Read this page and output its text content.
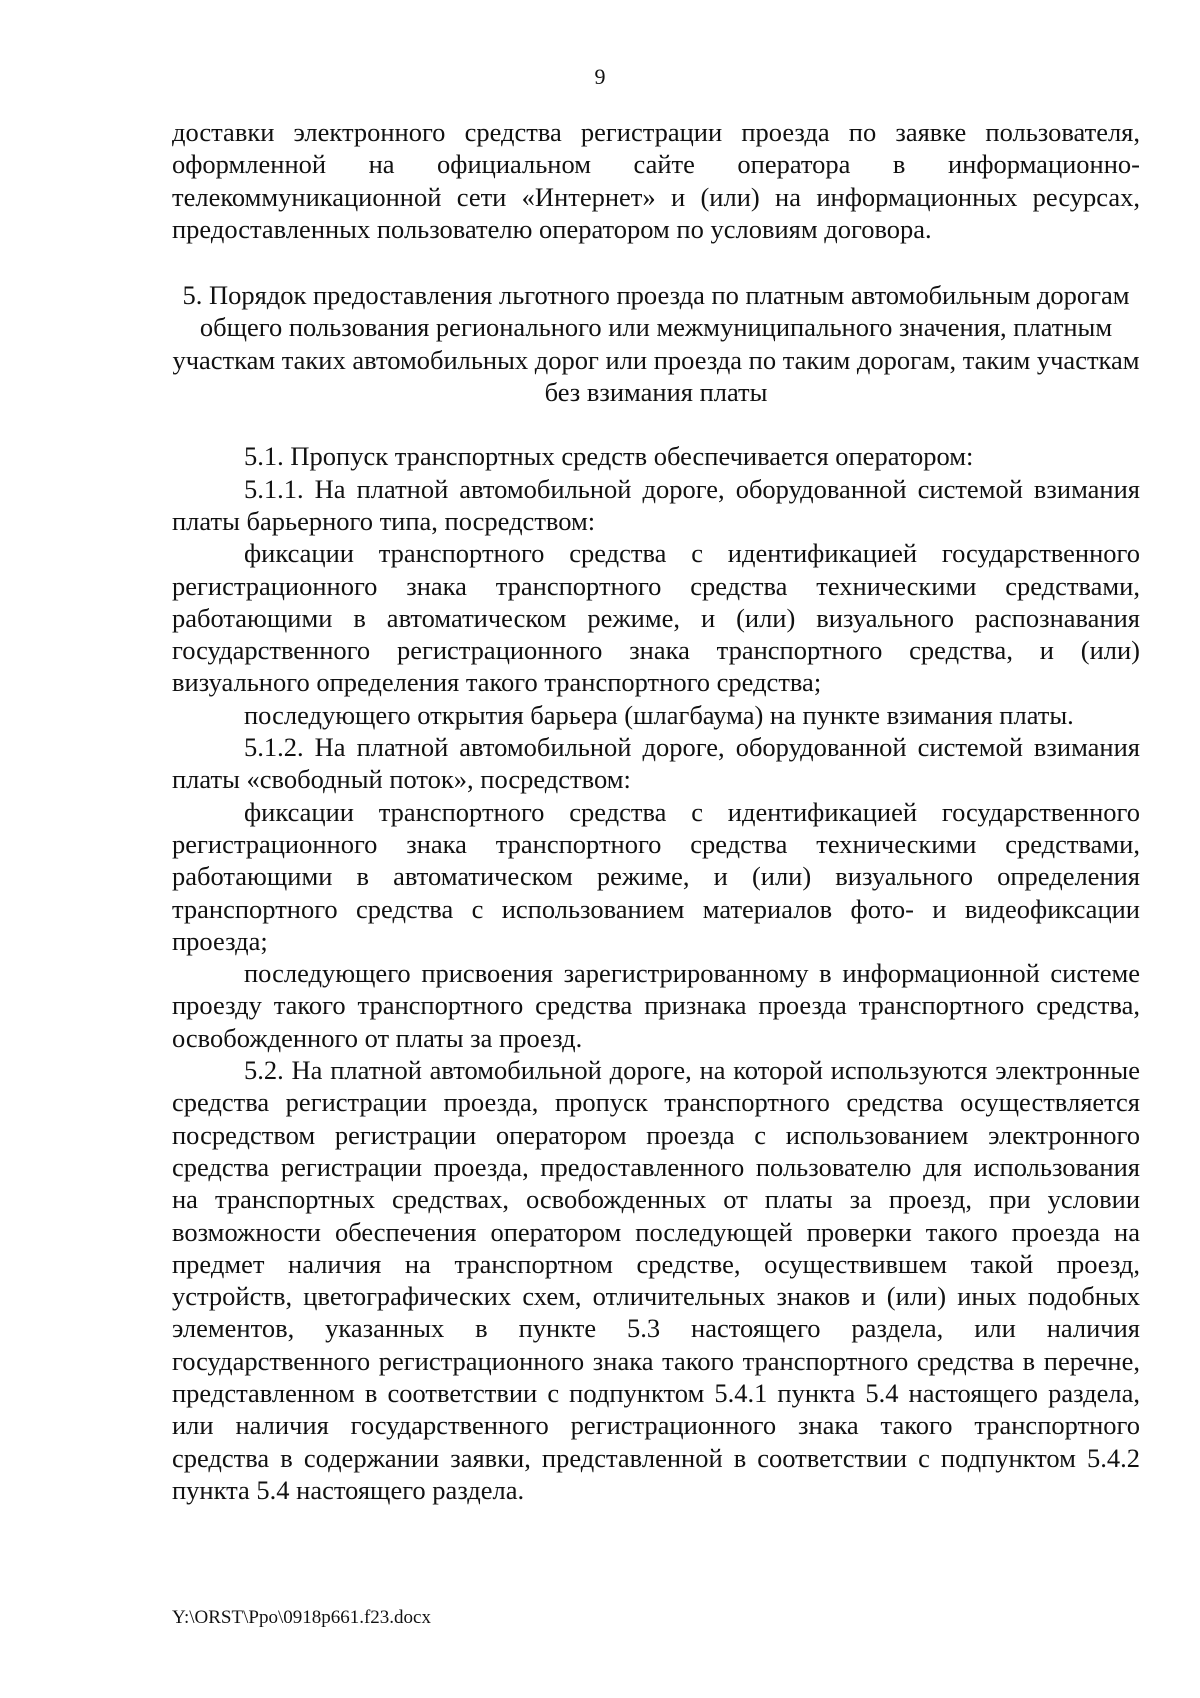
9

доставки электронного средства регистрации проезда по заявке пользователя, оформленной на официальном сайте оператора в информационно-телекоммуникационной сети «Интернет» и (или) на информационных ресурсах, предоставленных пользователю оператором по условиям договора.

5. Порядок предоставления льготного проезда по платным автомобильным дорогам общего пользования регионального или межмуниципального значения, платным участкам таких автомобильных дорог или проезда по таким дорогам, таким участкам без взимания платы

5.1. Пропуск транспортных средств обеспечивается оператором:

5.1.1. На платной автомобильной дороге, оборудованной системой взимания платы барьерного типа, посредством:

фиксации транспортного средства с идентификацией государственного регистрационного знака транспортного средства техническими средствами, работающими в автоматическом режиме, и (или) визуального распознавания государственного регистрационного знака транспортного средства, и (или) визуального определения такого транспортного средства;

последующего открытия барьера (шлагбаума) на пункте взимания платы.

5.1.2. На платной автомобильной дороге, оборудованной системой взимания платы «свободный поток», посредством:

фиксации транспортного средства с идентификацией государственного регистрационного знака транспортного средства техническими средствами, работающими в автоматическом режиме, и (или) визуального определения транспортного средства с использованием материалов фото- и видеофиксации проезда;

последующего присвоения зарегистрированному в информационной системе проезду такого транспортного средства признака проезда транспортного средства, освобожденного от платы за проезд.

5.2. На платной автомобильной дороге, на которой используются электронные средства регистрации проезда, пропуск транспортного средства осуществляется посредством регистрации оператором проезда с использованием электронного средства регистрации проезда, предоставленного пользователю для использования на транспортных средствах, освобожденных от платы за проезд, при условии возможности обеспечения оператором последующей проверки такого проезда на предмет наличия на транспортном средстве, осуществившем такой проезд, устройств, цветографических схем, отличительных знаков и (или) иных подобных элементов, указанных в пункте 5.3 настоящего раздела, или наличия государственного регистрационного знака такого транспортного средства в перечне, представленном в соответствии с подпунктом 5.4.1 пункта 5.4 настоящего раздела, или наличия государственного регистрационного знака такого транспортного средства в содержании заявки, представленной в соответствии с подпунктом 5.4.2 пункта 5.4 настоящего раздела.

Y:\ORST\Ppo\0918p661.f23.docx
